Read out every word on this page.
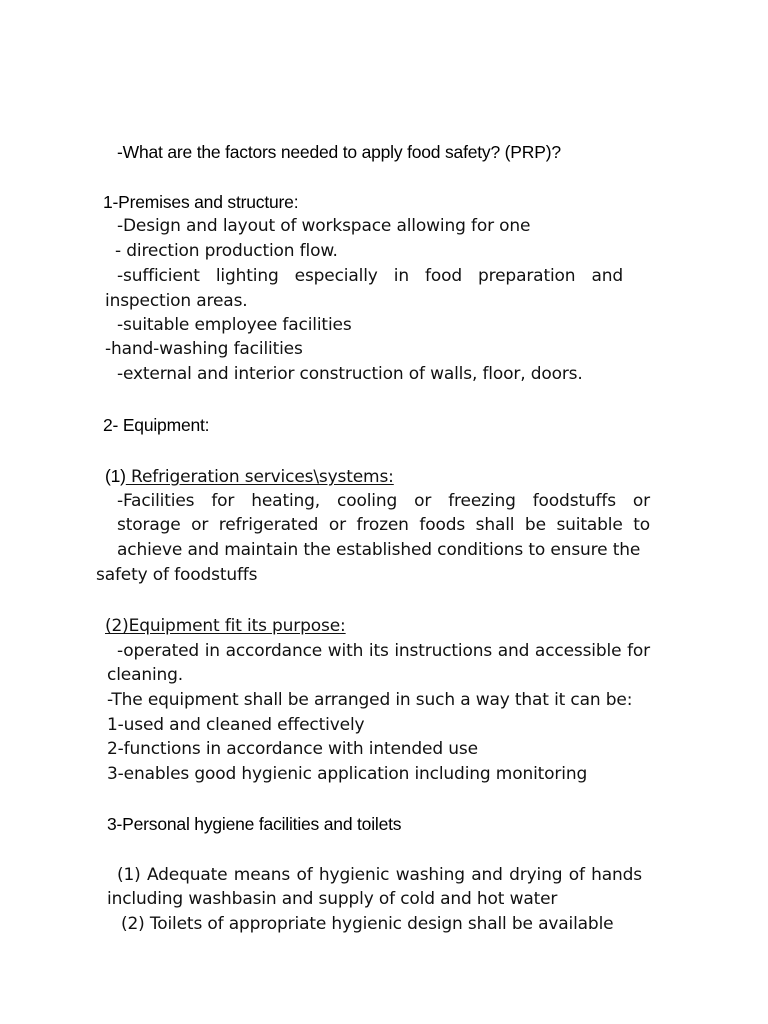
-What are the factors needed to apply food safety? (PRP)?
1-Premises and structure:
-Design and layout of workspace allowing for one
- direction production flow.
-sufficient lighting especially in food preparation and
inspection areas.
-suitable employee facilities
-hand-washing facilities
-external and interior construction of walls, floor, doors.
2- Equipment:
(1) Refrigeration services\systems:
-Facilities for heating, cooling or freezing foodstuffs or
storage or refrigerated or frozen foods shall be suitable to
achieve and maintain the established conditions to ensure the
safety of foodstuffs
(2)Equipment fit its purpose:
-operated in accordance with its instructions and accessible for
cleaning.
-The equipment shall be arranged in such a way that it can be:
1-used and cleaned effectively
2-functions in accordance with intended use
3-enables good hygienic application including monitoring
3-Personal hygiene facilities and toilets
(1) Adequate means of hygienic washing and drying of hands
including washbasin and supply of cold and hot water
(2) Toilets of appropriate hygienic design shall be available
